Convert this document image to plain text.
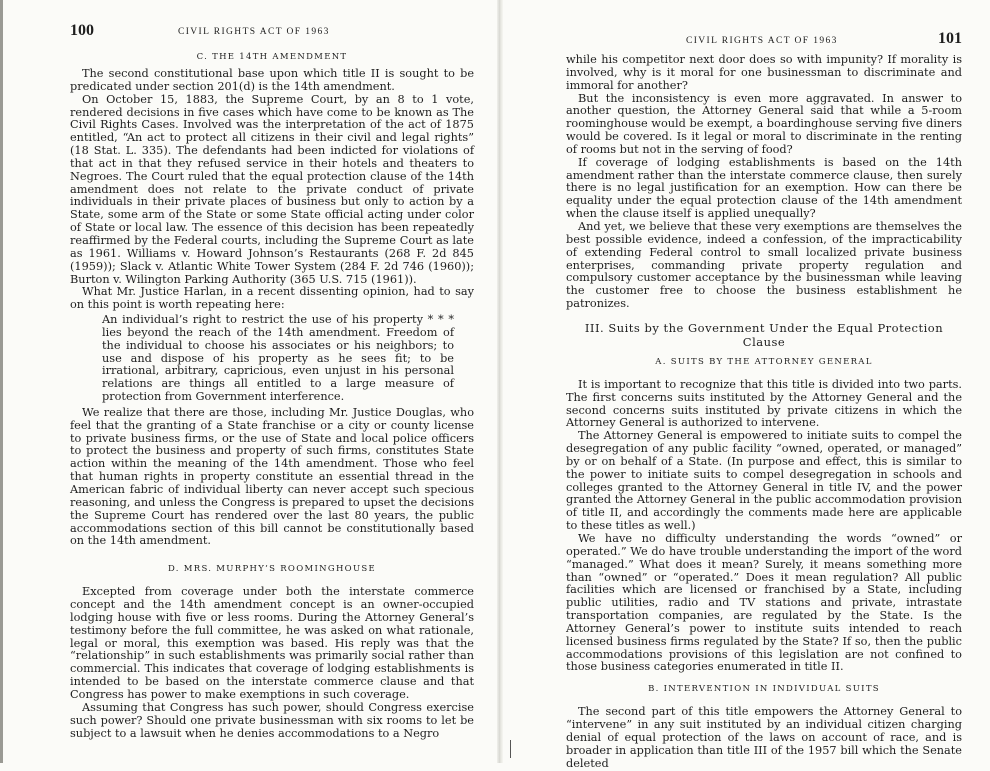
100	CIVIL RIGHTS ACT OF 1963
C. THE 14TH AMENDMENT

The second constitutional base upon which title II is sought to be predicated under section 201(d) is the 14th amendment.

On October 15, 1883, the Supreme Court, by an 8 to 1 vote, rendered decisions in five cases which have come to be known as The Civil Rights Cases. Involved was the interpretation of the act of 1875 entitled, “An act to protect all citizens in their civil and legal rights” (18 Stat. L. 335). The defendants had been indicted for violations of that act in that they refused service in their hotels and theaters to Negroes. The Court ruled that the equal protection clause of the 14th amendment does not relate to the private conduct of private individuals in their private places of business but only to action by a State, some arm of the State or some State official acting under color of State or local law. The essence of this decision has been repeatedly reaffirmed by the Federal courts, including the Supreme Court as late as 1961. Williams v. Howard Johnson’s Restaurants (268 F. 2d 845 (1959)); Slack v. Atlantic White Tower System (284 F. 2d 746 (1960)); Burton v. Wilington Parking Authority (365 U.S. 715 (1961)).

What Mr. Justice Harlan, in a recent dissenting opinion, had to say on this point is worth repeating here:

An individual’s right to restrict the use of his property * * * lies beyond the reach of the 14th amendment. Freedom of the individual to choose his associates or his neighbors; to use and dispose of his property as he sees fit; to be irrational, arbitrary, capricious, even unjust in his personal relations are things all entitled to a large measure of protection from Government interference.

We realize that there are those, including Mr. Justice Douglas, who feel that the granting of a State franchise or a city or county license to private business firms, or the use of State and local police officers to protect the business and property of such firms, constitutes State action within the meaning of the 14th amendment. Those who feel that human rights in property constitute an essential thread in the American fabric of individual liberty can never accept such specious reasoning, and unless the Congress is prepared to upset the decisions the Supreme Court has rendered over the last 80 years, the public accommodations section of this bill cannot be constitutionally based on the 14th amendment.

D. MRS. MURPHY’S ROOMINGHOUSE

Excepted from coverage under both the interstate commerce concept and the 14th amendment concept is an owner-occupied lodging house with five or less rooms. During the Attorney General’s testimony before the full committee, he was asked on what rationale, legal or moral, this exemption was based. His reply was that the “relationship” in such establishments was primarily social rather than commercial. This indicates that coverage of lodging establishments is intended to be based on the interstate commerce clause and that Congress has power to make exemptions in such coverage.

Assuming that Congress has such power, should Congress exercise such power? Should one private businessman with six rooms to let be subject to a lawsuit when he denies accommodations to a Negro

CIVIL RIGHTS ACT OF 1963	101

while his competitor next door does so with impunity? If morality is involved, why is it moral for one businessman to discriminate and immoral for another?

But the inconsistency is even more aggravated. In answer to another question, the Attorney General said that while a 5-room roominghouse would be exempt, a boardinghouse serving five diners would be covered. Is it legal or moral to discriminate in the renting of rooms but not in the serving of food?

If coverage of lodging establishments is based on the 14th amendment rather than the interstate commerce clause, then surely there is no legal justification for an exemption. How can there be equality under the equal protection clause of the 14th amendment when the clause itself is applied unequally?

And yet, we believe that these very exemptions are themselves the best possible evidence, indeed a confession, of the impracticability of extending Federal control to small localized private business enterprises, commanding private property regulation and compulsory customer acceptance by the businessman while leaving the customer free to choose the business establishment he patronizes.

III. Suits by the Government Under the Equal Protection Clause
A. SUITS BY THE ATTORNEY GENERAL

It is important to recognize that this title is divided into two parts. The first concerns suits instituted by the Attorney General and the second concerns suits instituted by private citizens in which the Attorney General is authorized to intervene.

The Attorney General is empowered to initiate suits to compel the desegregation of any public facility “owned, operated, or managed” by or on behalf of a State. (In purpose and effect, this is similar to the power to initiate suits to compel desegregation in schools and colleges granted to the Attorney General in title IV, and the power granted the Attorney General in the public accommodation provision of title II, and accordingly the comments made here are applicable to these titles as well.)

We have no difficulty understanding the words “owned” or operated.” We do have trouble understanding the import of the word “managed.” What does it mean? Surely, it means something more than “owned” or “operated.” Does it mean regulation? All public facilities which are licensed or franchised by a State, including public utilities, radio and TV stations and private, intrastate transportation companies, are regulated by the State. Is the Attorney General’s power to institute suits intended to reach licensed business firms regulated by the State? If so, then the public accommodations provisions of this legislation are not confined to those business categories enumerated in title II.

B. INTERVENTION IN INDIVIDUAL SUITS

The second part of this title empowers the Attorney General to “intervene” in any suit instituted by an individual citizen charging denial of equal protection of the laws on account of race, and is broader in application than title III of the 1957 bill which the Senate deleted
